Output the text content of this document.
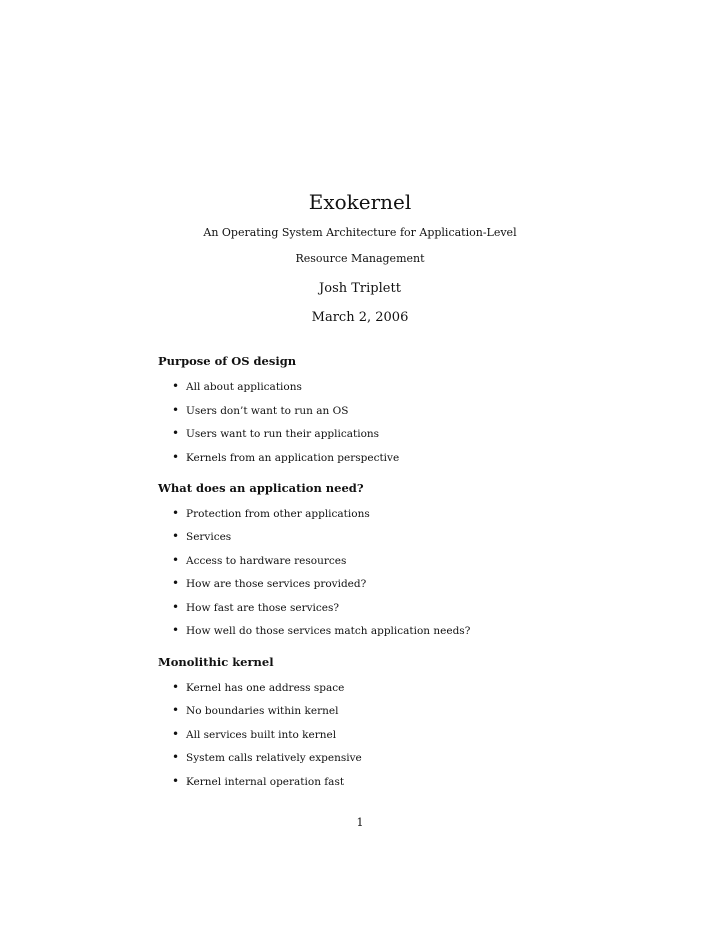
Exokernel
An Operating System Architecture for Application-Level Resource Management
Josh Triplett
March 2, 2006
Purpose of OS design
• All about applications
• Users don’t want to run an OS
• Users want to run their applications
• Kernels from an application perspective
What does an application need?
• Protection from other applications
• Services
• Access to hardware resources
• How are those services provided?
• How fast are those services?
• How well do those services match application needs?
Monolithic kernel
• Kernel has one address space
• No boundaries within kernel
• All services built into kernel
• System calls relatively expensive
• Kernel internal operation fast
1
